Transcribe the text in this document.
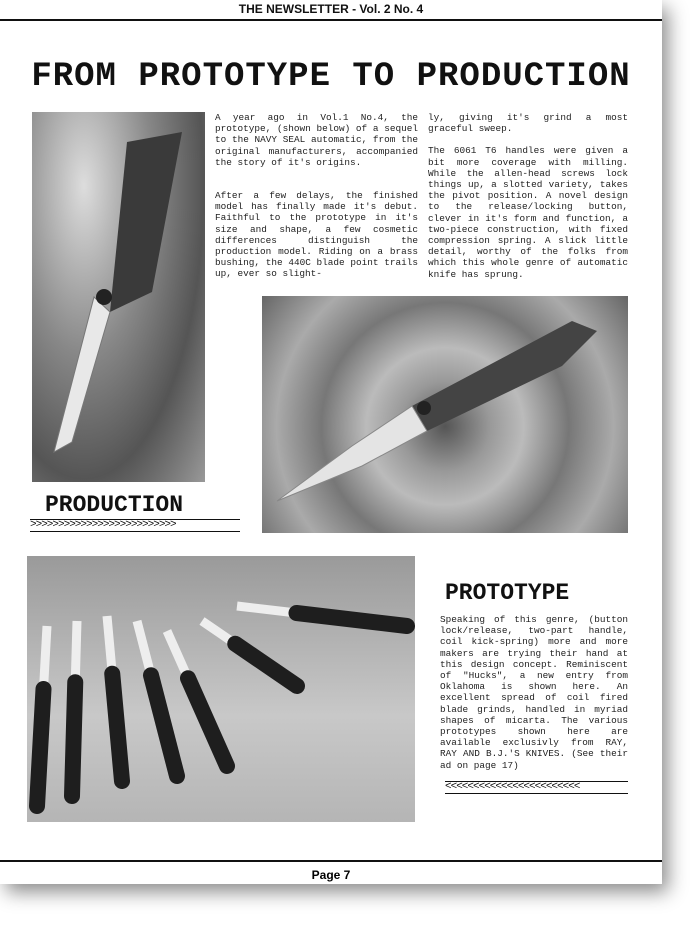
THE NEWSLETTER - Vol. 2 No. 4
FROM PROTOTYPE TO PRODUCTION

A year ago in Vol.1 No.4, the prototype, (shown below) of a sequel to the NAVY SEAL automatic, from the original manufacturers, accompanied the story of it's origins.

After a few delays, the finished model has finally made it's debut. Faithful to the prototype in it's size and shape, a few cosmetic differences distinguish the production model. Riding on a brass bushing, the 440C blade point trails up, ever so slight-

ly, giving it's grind a most graceful sweep.

The 6061 T6 handles were given a bit more coverage with milling. While the allen-head screws lock things up, a slotted variety, takes the pivot position. A novel design to the release/locking button, clever in it's form and function, a two-piece construction, with fixed compression spring. A slick little detail, worthy of the folks from which this whole genre of automatic knife has sprung.

PRODUCTION
>>>>>>>>>>>>>>>>>>>>>>>>>>
PROTOTYPE
Speaking of this genre, (button lock/release, two-part handle, coil kick-spring) more and more makers are trying their hand at this design concept. Reminiscent of "Hucks", a new entry from Oklahoma is shown here. An excellent spread of coil fired blade grinds, handled in myriad shapes of micarta. The various prototypes shown here are available exclusivly from RAY, RAY AND B.J.'S KNIVES. (See their ad on page 17)
<<<<<<<<<<<<<<<<<<<<<<<<
Page 7
